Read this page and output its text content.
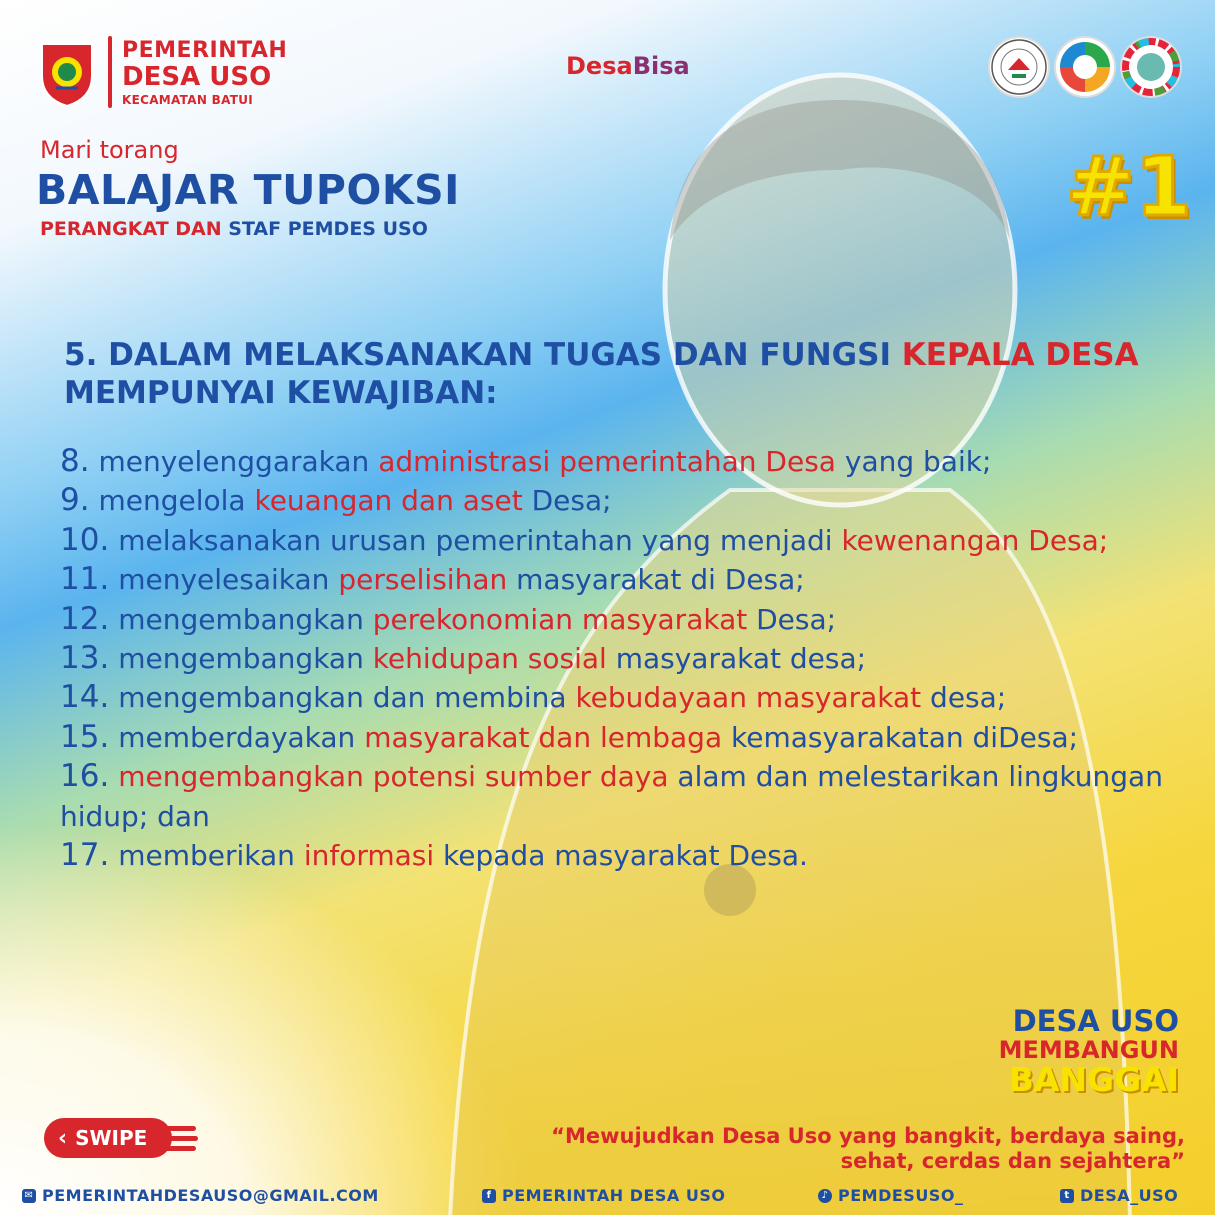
PEMERINTAH
DESA USO
KECAMATAN BATUI
DesaBisa
Mari torang
BALAJAR TUPOKSI
PERANGKAT DAN STAF PEMDES USO	#1
5. DALAM MELAKSANAKAN TUGAS DAN FUNGSI KEPALA DESA MEMPUNYAI KEWAJIBAN:
8. menyelenggarakan administrasi pemerintahan Desa yang baik;
9. mengelola keuangan dan aset Desa;
10. melaksanakan urusan pemerintahan yang menjadi kewenangan Desa;
11. menyelesaikan perselisihan masyarakat di Desa;
12. mengembangkan perekonomian masyarakat Desa;
13. mengembangkan kehidupan sosial masyarakat desa;
14. mengembangkan dan membina kebudayaan masyarakat desa;
15. memberdayakan masyarakat dan lembaga kemasyarakatan diDesa;
16. mengembangkan potensi sumber daya alam dan melestarikan lingkungan hidup; dan
17. memberikan informasi kepada masyarakat Desa.
DESA USO
MEMBANGUN
BANGGAI
‹ SWIPE	“Mewujudkan Desa Uso yang bangkit, berdaya saing,
sehat, cerdas dan sejahtera”
✉ PEMERINTAHDESAUSO@GMAIL.COM	f PEMERINTAH DESA USO	♪ PEMDESUSO_	t DESA_USO
